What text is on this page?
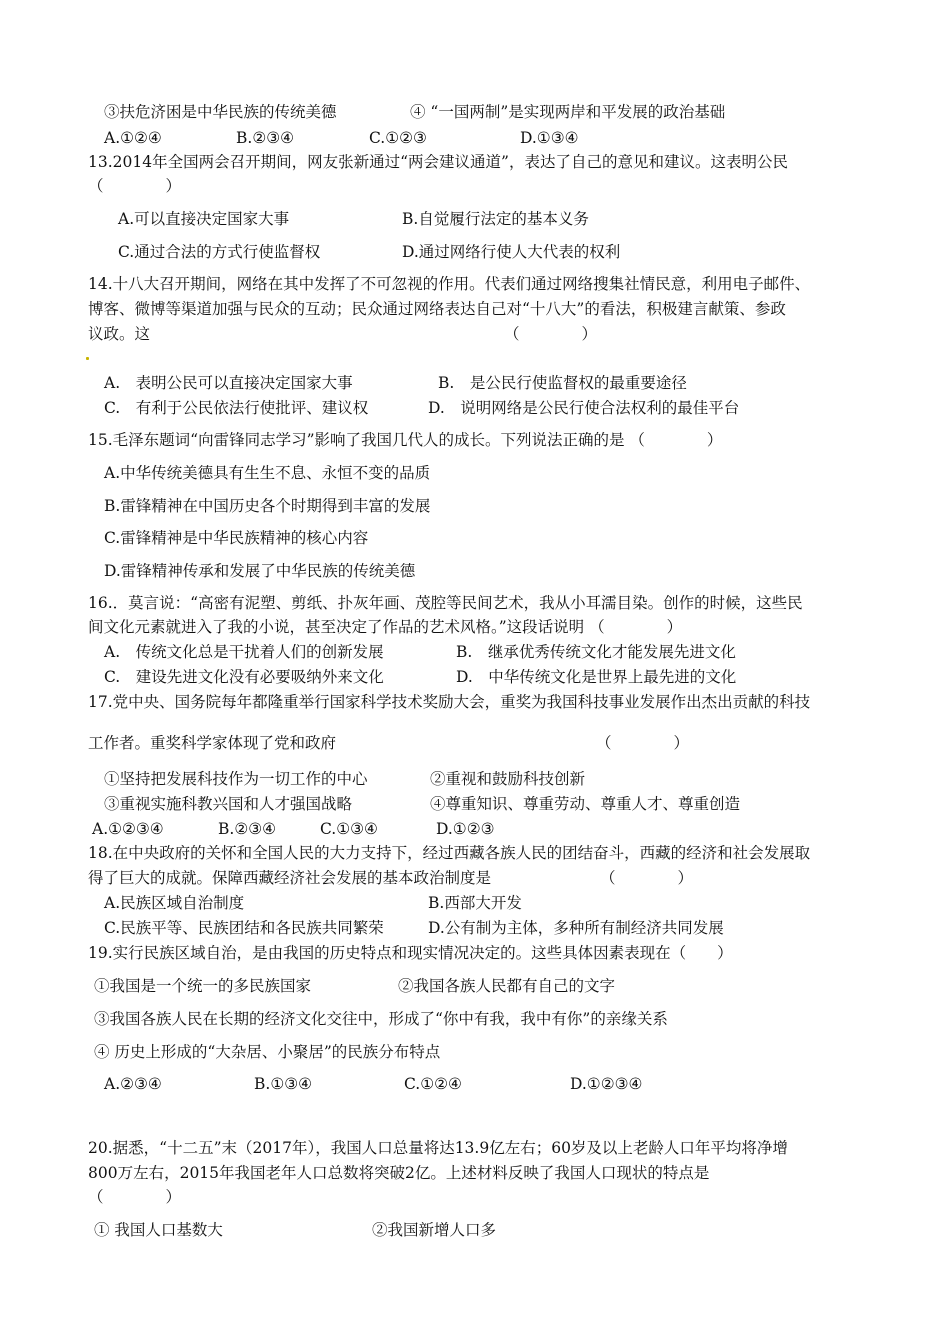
③扶危济困是中华民族的传统美德	④ “一国两制”是实现两岸和平发展的政治基础
A.①②④	B.②③④	C.①②③	D.①③④
13.2014年全国两会召开期间，网友张新通过“两会建议通道”，表达了自己的意见和建议。这表明公民
（　　　　）
A.可以直接决定国家大事	B.自觉履行法定的基本义务
C.通过合法的方式行使监督权	D.通过网络行使人大代表的权利
14.十八大召开期间，网络在其中发挥了不可忽视的作用。代表们通过网络搜集社情民意，利用电子邮件、
博客、微博等渠道加强与民众的互动；民众通过网络表达自己对“十八大”的看法，积极建言献策、参政
议政。这	（　　　　）
A.　表明公民可以直接决定国家大事	B.　是公民行使监督权的最重要途径
C.　有利于公民依法行使批评、建议权	D.　说明网络是公民行使合法权利的最佳平台
15.毛泽东题词“向雷锋同志学习”影响了我国几代人的成长。下列说法正确的是 （　　　　）
A.中华传统美德具有生生不息、永恒不变的品质
B.雷锋精神在中国历史各个时期得到丰富的发展
C.雷锋精神是中华民族精神的核心内容
D.雷锋精神传承和发展了中华民族的传统美德
16.．莫言说：“高密有泥塑、剪纸、扑灰年画、茂腔等民间艺术，我从小耳濡目染。创作的时候，这些民
间文化元素就进入了我的小说，甚至决定了作品的艺术风格。”这段话说明 （　　　　）
A.　传统文化总是干扰着人们的创新发展	B.　继承优秀传统文化才能发展先进文化
C.　建设先进文化没有必要吸纳外来文化	D.　中华传统文化是世界上最先进的文化
17.党中央、国务院每年都隆重举行国家科学技术奖励大会，重奖为我国科技事业发展作出杰出贡献的科技
工作者。重奖科学家体现了党和政府	（　　　　）
①坚持把发展科技作为一切工作的中心	②重视和鼓励科技创新
③重视实施科教兴国和人才强国战略	④尊重知识、尊重劳动、尊重人才、尊重创造
A.①②③④	B.②③④	C.①③④	D.①②③
18.在中央政府的关怀和全国人民的大力支持下，经过西藏各族人民的团结奋斗，西藏的经济和社会发展取
得了巨大的成就。保障西藏经济社会发展的基本政治制度是	（　　　　）
A.民族区域自治制度	B.西部大开发
C.民族平等、民族团结和各民族共同繁荣	D.公有制为主体，多种所有制经济共同发展
19.实行民族区域自治，是由我国的历史特点和现实情况决定的。这些具体因素表现在（　　）
①我国是一个统一的多民族国家	②我国各族人民都有自己的文字
③我国各族人民在长期的经济文化交往中，形成了“你中有我，我中有你”的亲缘关系
④ 历史上形成的“大杂居、小聚居”的民族分布特点
A.②③④	B.①③④	C.①②④	D.①②③④
20.据悉，“十二五”末（2017年），我国人口总量将达13.9亿左右；60岁及以上老龄人口年平均将净增
800万左右，2015年我国老年人口总数将突破2亿。上述材料反映了我国人口现状的特点是
（　　　　）
① 我国人口基数大	②我国新增人口多
